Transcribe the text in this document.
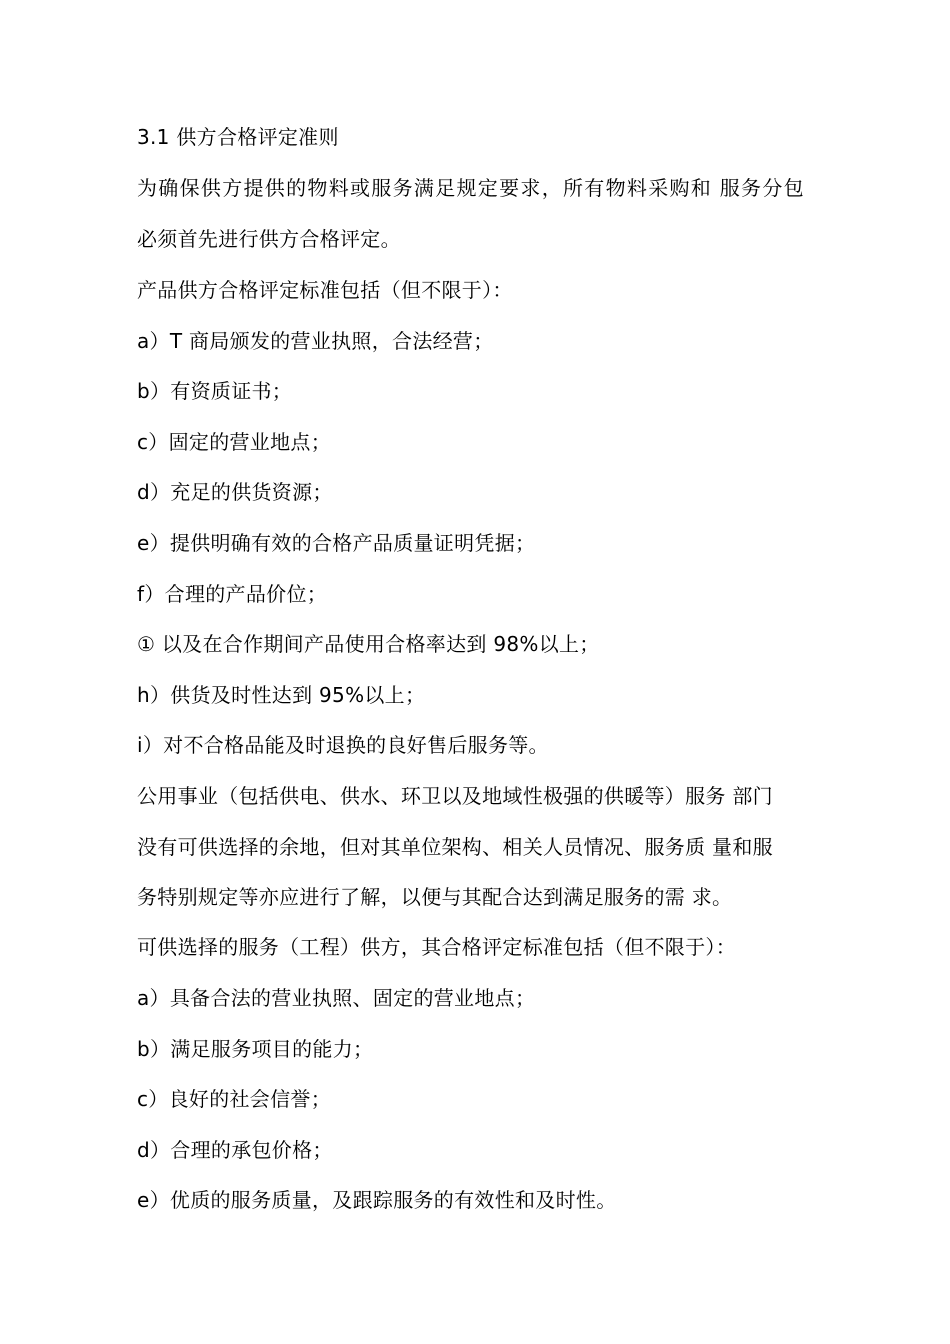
3.1 供方合格评定准则
为确保供方提供的物料或服务满足规定要求，所有物料采购和 服务分包
必须首先进行供方合格评定。
产品供方合格评定标准包括（但不限于）：
a）T 商局颁发的营业执照，合法经营；
b）有资质证书；
c）固定的营业地点；
d）充足的供货资源；
e）提供明确有效的合格产品质量证明凭据；
f）合理的产品价位；
① 以及在合作期间产品使用合格率达到 98%以上；
h）供货及时性达到 95%以上；
i）对不合格品能及时退换的良好售后服务等。
公用事业（包括供电、供水、环卫以及地域性极强的供暖等）服务 部门
没有可供选择的余地，但对其单位架构、相关人员情况、服务质 量和服
务特别规定等亦应进行了解，以便与其配合达到满足服务的需 求。
可供选择的服务（工程）供方，其合格评定标准包括（但不限于）：
a）具备合法的营业执照、固定的营业地点；
b）满足服务项目的能力；
c）良好的社会信誉；
d）合理的承包价格；
e）优质的服务质量，及跟踪服务的有效性和及时性。
